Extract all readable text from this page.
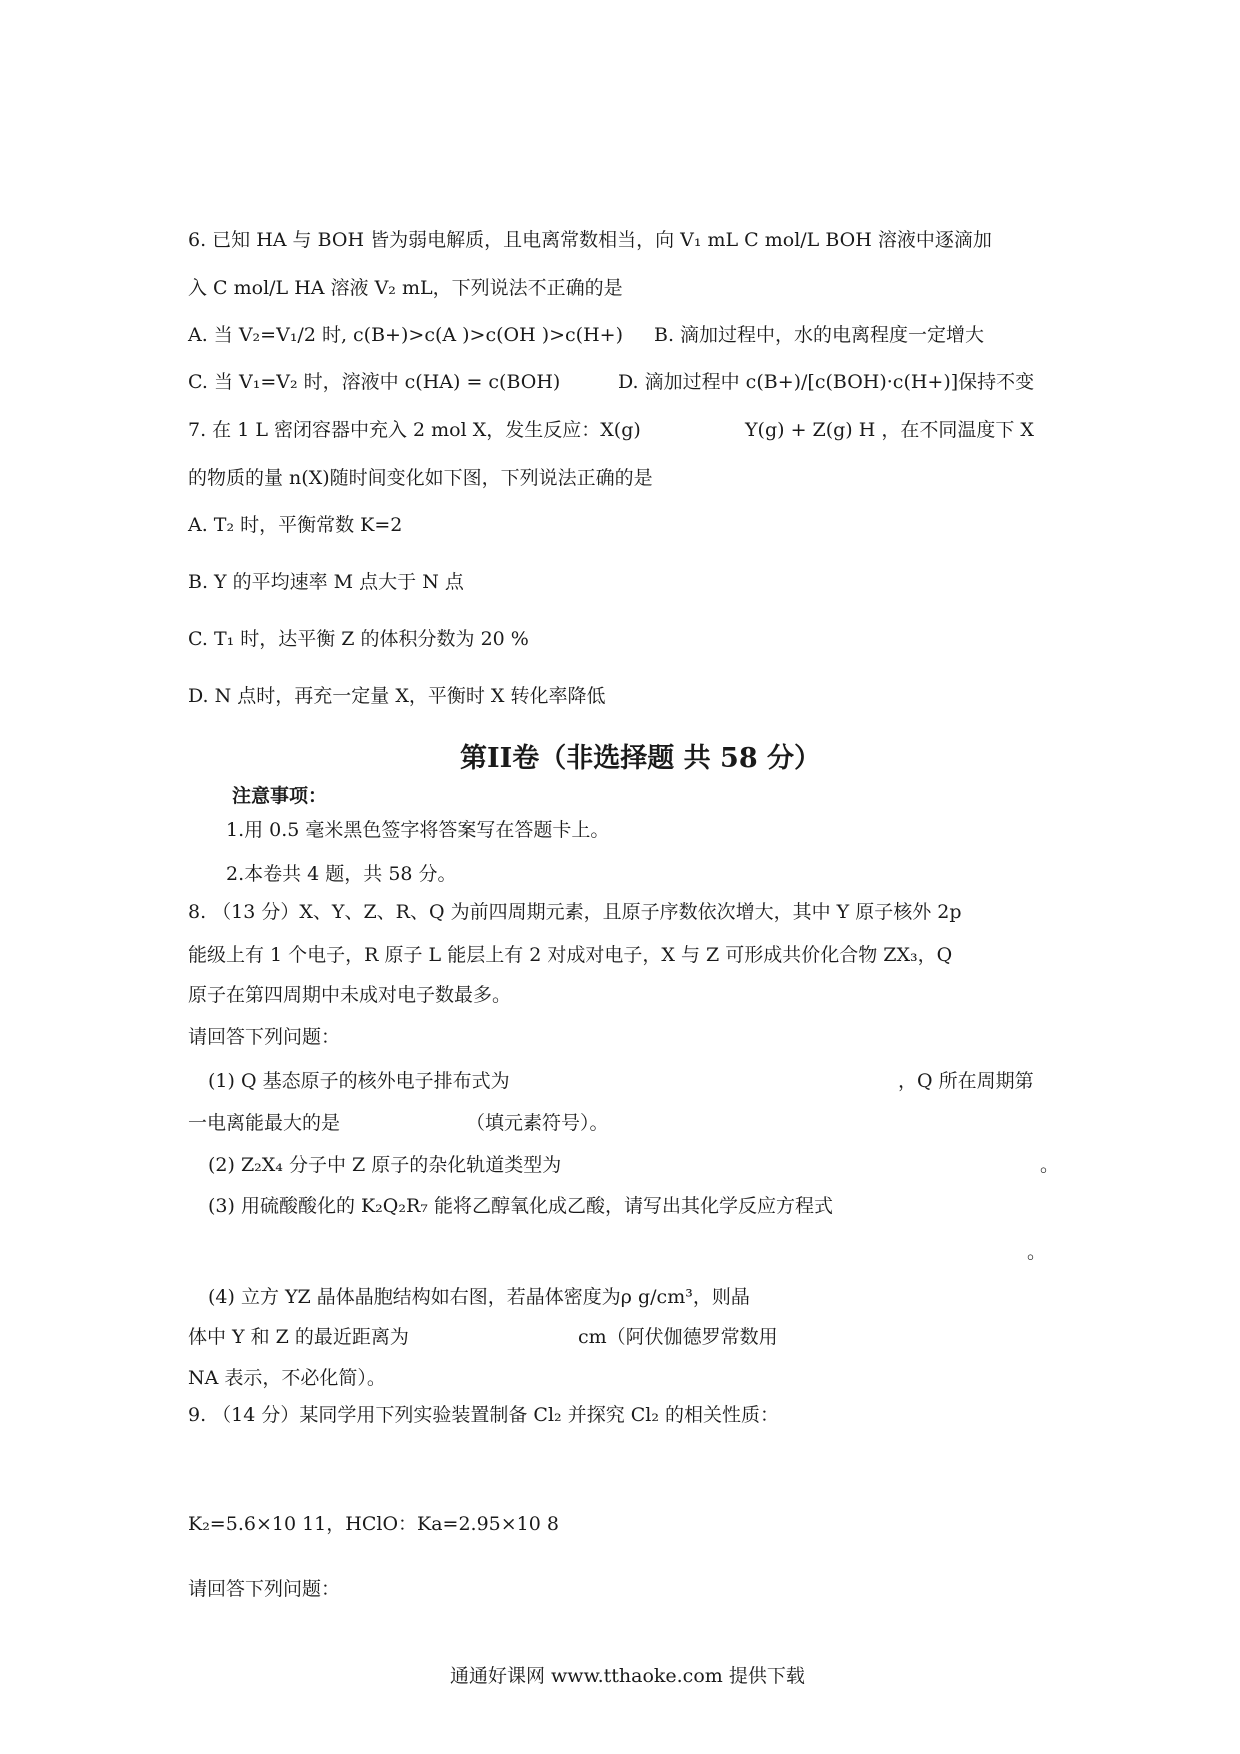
6. 已知 HA 与 BOH 皆为弱电解质，且电离常数相当，向 V₁ mL C mol/L BOH 溶液中逐滴加
入 C mol/L HA 溶液 V₂ mL，下列说法不正确的是
A. 当 V₂=V₁/2 时, c(B+)>c(A )>c(OH )>c(H+) B. 滴加过程中，水的电离程度一定增大
C. 当 V₁=V₂ 时，溶液中 c(HA) = c(BOH)	D. 滴加过程中 c(B+)/[c(BOH)·c(H+)]保持不变
7. 在 1 L 密闭容器中充入 2 mol X，发生反应：X(g)	Y(g) + Z(g) H ，在不同温度下 X
的物质的量 n(X)随时间变化如下图，下列说法正确的是
A. T₂ 时，平衡常数 K=2
B. Y 的平均速率 M 点大于 N 点
C. T₁ 时，达平衡 Z 的体积分数为 20 %
D. N 点时，再充一定量 X，平衡时 X 转化率降低
第II卷（非选择题 共 58 分）
注意事项：
1.用 0.5 毫米黑色签字将答案写在答题卡上。
2.本卷共 4 题，共 58 分。
8. （13 分）X、Y、Z、R、Q 为前四周期元素，且原子序数依次增大，其中 Y 原子核外 2p
能级上有 1 个电子，R 原子 L 能层上有 2 对成对电子，X 与 Z 可形成共价化合物 ZX₃，Q
原子在第四周期中未成对电子数最多。
请回答下列问题：
(1) Q 基态原子的核外电子排布式为	，Q 所在周期第
一电离能最大的是	（填元素符号）。
(2) Z₂X₄ 分子中 Z 原子的杂化轨道类型为	。
(3) 用硫酸酸化的 K₂Q₂R₇ 能将乙醇氧化成乙酸，请写出其化学反应方程式
。
(4) 立方 YZ 晶体晶胞结构如右图，若晶体密度为ρ g/cm³，则晶
体中 Y 和 Z 的最近距离为	cm（阿伏伽德罗常数用
NA 表示，不必化简）。
9. （14 分）某同学用下列实验装置制备 Cl₂ 并探究 Cl₂ 的相关性质：
K₂=5.6×10 11，HClO：Ka=2.95×10 8
请回答下列问题：
通通好课网 www.tthaoke.com 提供下载
